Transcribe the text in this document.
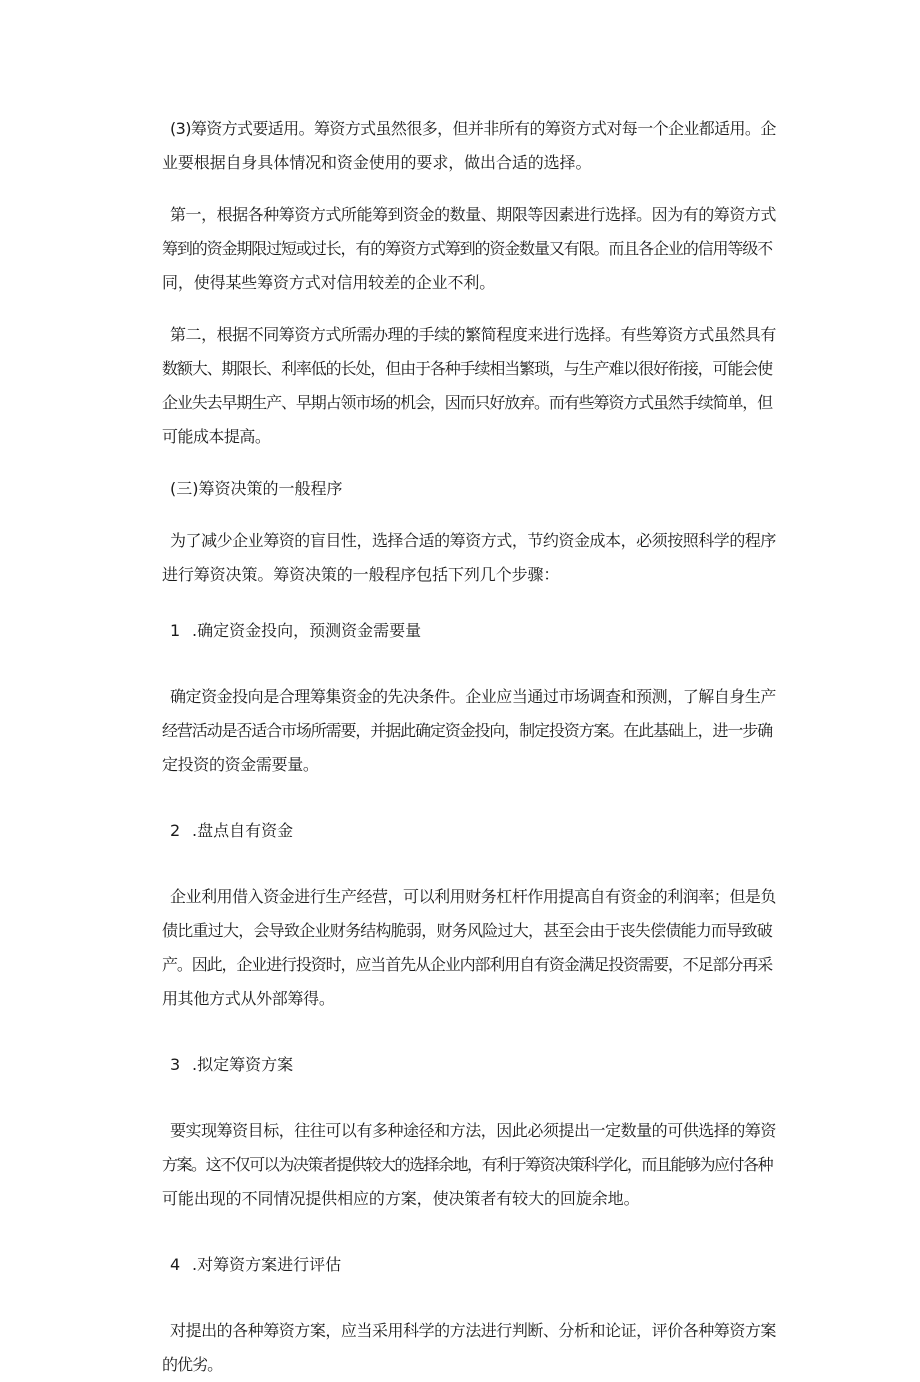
(3)筹资方式要适用。筹资方式虽然很多，但并非所有的筹资方式对每一个企业都适用。企
业要根据自身具体情况和资金使用的要求，做出合适的选择。

第一，根据各种筹资方式所能筹到资金的数量、期限等因素进行选择。因为有的筹资方式
筹到的资金期限过短或过长，有的筹资方式筹到的资金数量又有限。而且各企业的信用等级不
同，使得某些筹资方式对信用较差的企业不利。

第二，根据不同筹资方式所需办理的手续的繁简程度来进行选择。有些筹资方式虽然具有
数额大、期限长、利率低的长处，但由于各种手续相当繁琐，与生产难以很好衔接，可能会使
企业失去早期生产、早期占领市场的机会，因而只好放弃。而有些筹资方式虽然手续简单，但
可能成本提高。

(三)筹资决策的一般程序

为了减少企业筹资的盲目性，选择合适的筹资方式，节约资金成本，必须按照科学的程序
进行筹资决策。筹资决策的一般程序包括下列几个步骤：

1 .确定资金投向，预测资金需要量

确定资金投向是合理筹集资金的先决条件。企业应当通过市场调查和预测，了解自身生产
经营活动是否适合市场所需要，并据此确定资金投向，制定投资方案。在此基础上，进一步确
定投资的资金需要量。

2 .盘点自有资金

企业利用借入资金进行生产经营，可以利用财务杠杆作用提高自有资金的利润率；但是负
债比重过大，会导致企业财务结构脆弱，财务风险过大，甚至会由于丧失偿债能力而导致破
产。因此，企业进行投资时，应当首先从企业内部利用自有资金满足投资需要，不足部分再采
用其他方式从外部筹得。

3 .拟定筹资方案

要实现筹资目标，往往可以有多种途径和方法，因此必须提出一定数量的可供选择的筹资
方案。这不仅可以为决策者提供较大的选择余地，有利于筹资决策科学化，而且能够为应付各种
可能出现的不同情况提供相应的方案，使决策者有较大的回旋余地。

4 .对筹资方案进行评估

对提出的各种筹资方案，应当采用科学的方法进行判断、分析和论证，评价各种筹资方案
的优劣。
